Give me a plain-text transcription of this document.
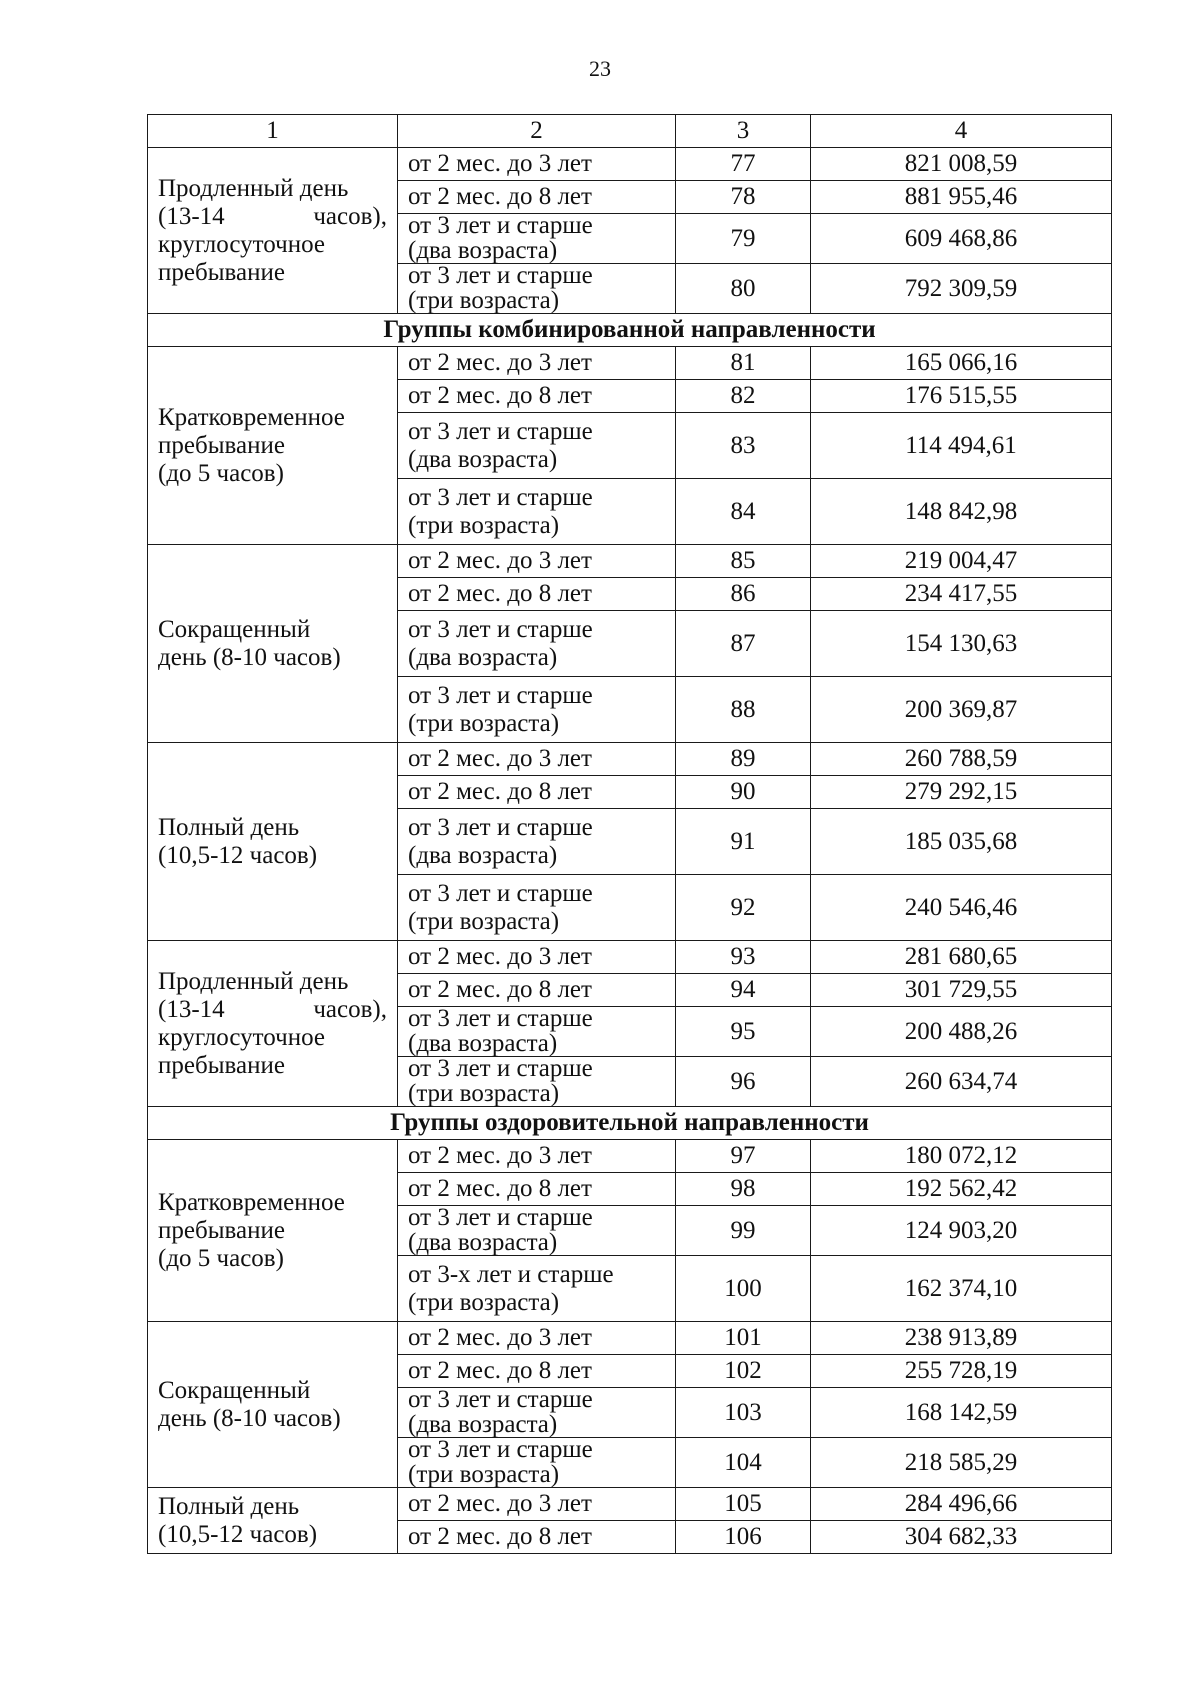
23
1	2	3	4

Продленный день
(13-14 часов),
круглосуточное
пребывание	от 2 мес. до 3 лет	77	821 008,59

	от 2 мес. до 8 лет	78	881 955,46

	от 3 лет и старше
(два возраста)	79	609 468,86

	от 3 лет и старше
(три возраста)	80	792 309,59
Группы комбинированной направленности			

Кратковременное
пребывание
(до 5 часов)	от 2 мес. до 3 лет	81	165 066,16

	от 2 мес. до 8 лет	82	176 515,55

	от 3 лет и старше
(два возраста)	83	114 494,61

	от 3 лет и старше
(три возраста)	84	148 842,98

Сокращенный
день (8-10 часов)	от 2 мес. до 3 лет	85	219 004,47

	от 2 мес. до 8 лет	86	234 417,55

	от 3 лет и старше
(два возраста)	87	154 130,63

	от 3 лет и старше
(три возраста)	88	200 369,87

Полный день
(10,5-12 часов)	от 2 мес. до 3 лет	89	260 788,59

	от 2 мес. до 8 лет	90	279 292,15

	от 3 лет и старше
(два возраста)	91	185 035,68

	от 3 лет и старше
(три возраста)	92	240 546,46

Продленный день
(13-14 часов),
круглосуточное
пребывание	от 2 мес. до 3 лет	93	281 680,65

	от 2 мес. до 8 лет	94	301 729,55

	от 3 лет и старше
(два возраста)	95	200 488,26

	от 3 лет и старше
(три возраста)	96	260 634,74
Группы оздоровительной направленности			

Кратковременное
пребывание
(до 5 часов)	от 2 мес. до 3 лет	97	180 072,12

	от 2 мес. до 8 лет	98	192 562,42

	от 3 лет и старше
(два возраста)	99	124 903,20

	от 3-х лет и старше
(три возраста)	100	162 374,10

Сокращенный
день (8-10 часов)	от 2 мес. до 3 лет	101	238 913,89

	от 2 мес. до 8 лет	102	255 728,19

	от 3 лет и старше
(два возраста)	103	168 142,59

	от 3 лет и старше
(три возраста)	104	218 585,29

Полный день
(10,5-12 часов)	от 2 мес. до 3 лет	105	284 496,66

	от 2 мес. до 8 лет	106	304 682,33
